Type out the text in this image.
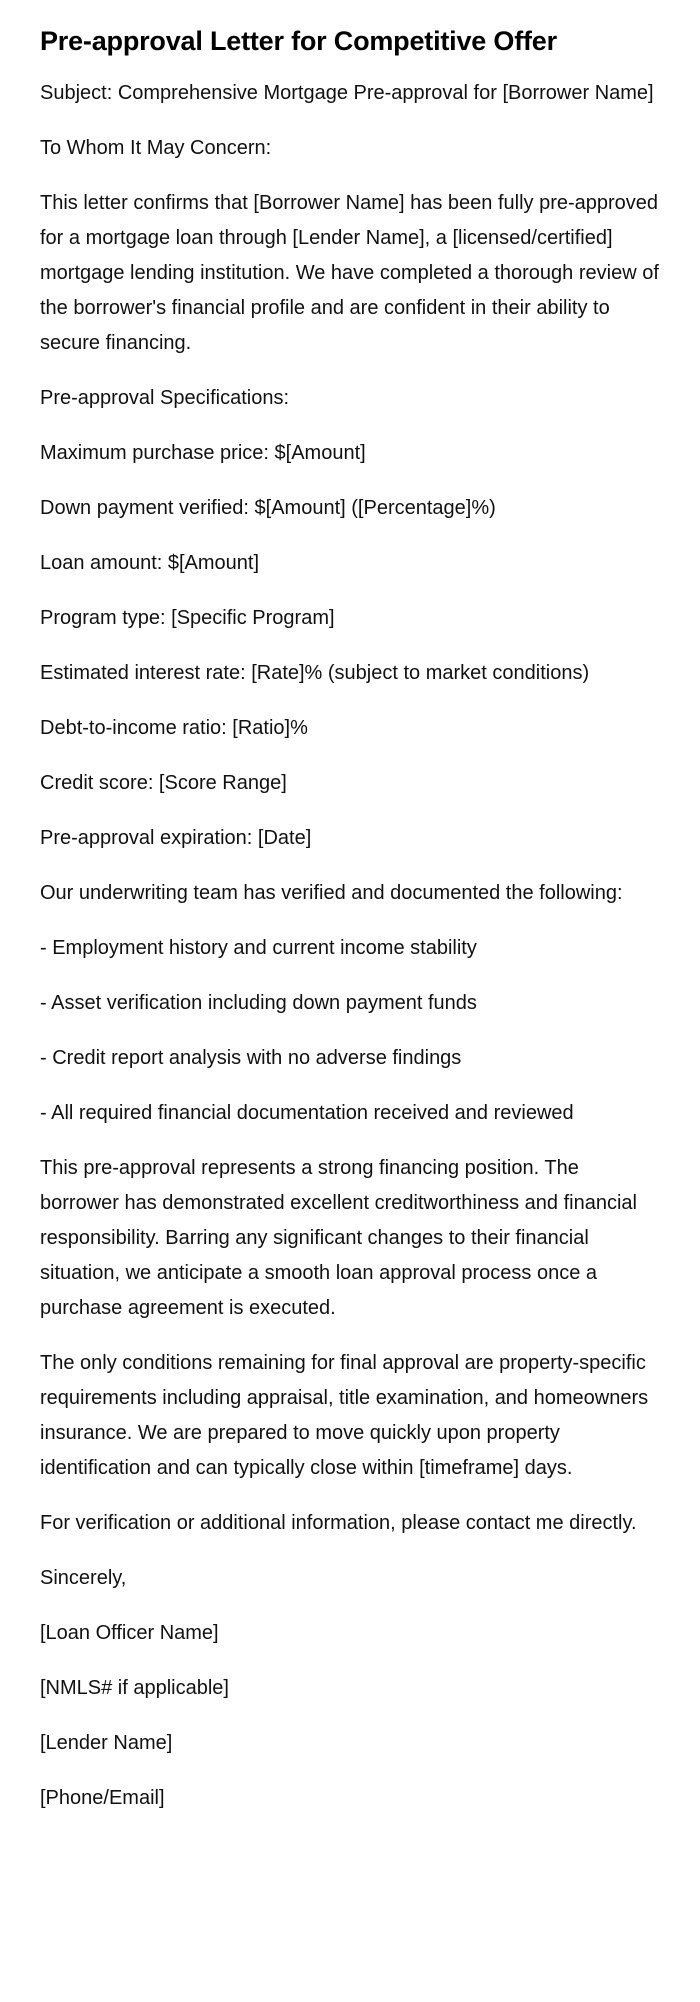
Pre-approval Letter for Competitive Offer

Subject: Comprehensive Mortgage Pre-approval for [Borrower Name]

To Whom It May Concern:

This letter confirms that [Borrower Name] has been fully pre-approved for a mortgage loan through [Lender Name], a [licensed/certified] mortgage lending institution. We have completed a thorough review of the borrower's financial profile and are confident in their ability to secure financing.

Pre-approval Specifications:

Maximum purchase price: $[Amount]
Down payment verified: $[Amount] ([Percentage]%)
Loan amount: $[Amount]
Program type: [Specific Program]
Estimated interest rate: [Rate]% (subject to market conditions)
Debt-to-income ratio: [Ratio]%
Credit score: [Score Range]
Pre-approval expiration: [Date]

Our underwriting team has verified and documented the following:

- Employment history and current income stability
- Asset verification including down payment funds
- Credit report analysis with no adverse findings
- All required financial documentation received and reviewed

This pre-approval represents a strong financing position. The borrower has demonstrated excellent creditworthiness and financial responsibility. Barring any significant changes to their financial situation, we anticipate a smooth loan approval process once a purchase agreement is executed.

The only conditions remaining for final approval are property-specific requirements including appraisal, title examination, and homeowners insurance. We are prepared to move quickly upon property identification and can typically close within [timeframe] days.

For verification or additional information, please contact me directly.

Sincerely,

[Loan Officer Name]
[NMLS# if applicable]
[Lender Name]
[Phone/Email]
